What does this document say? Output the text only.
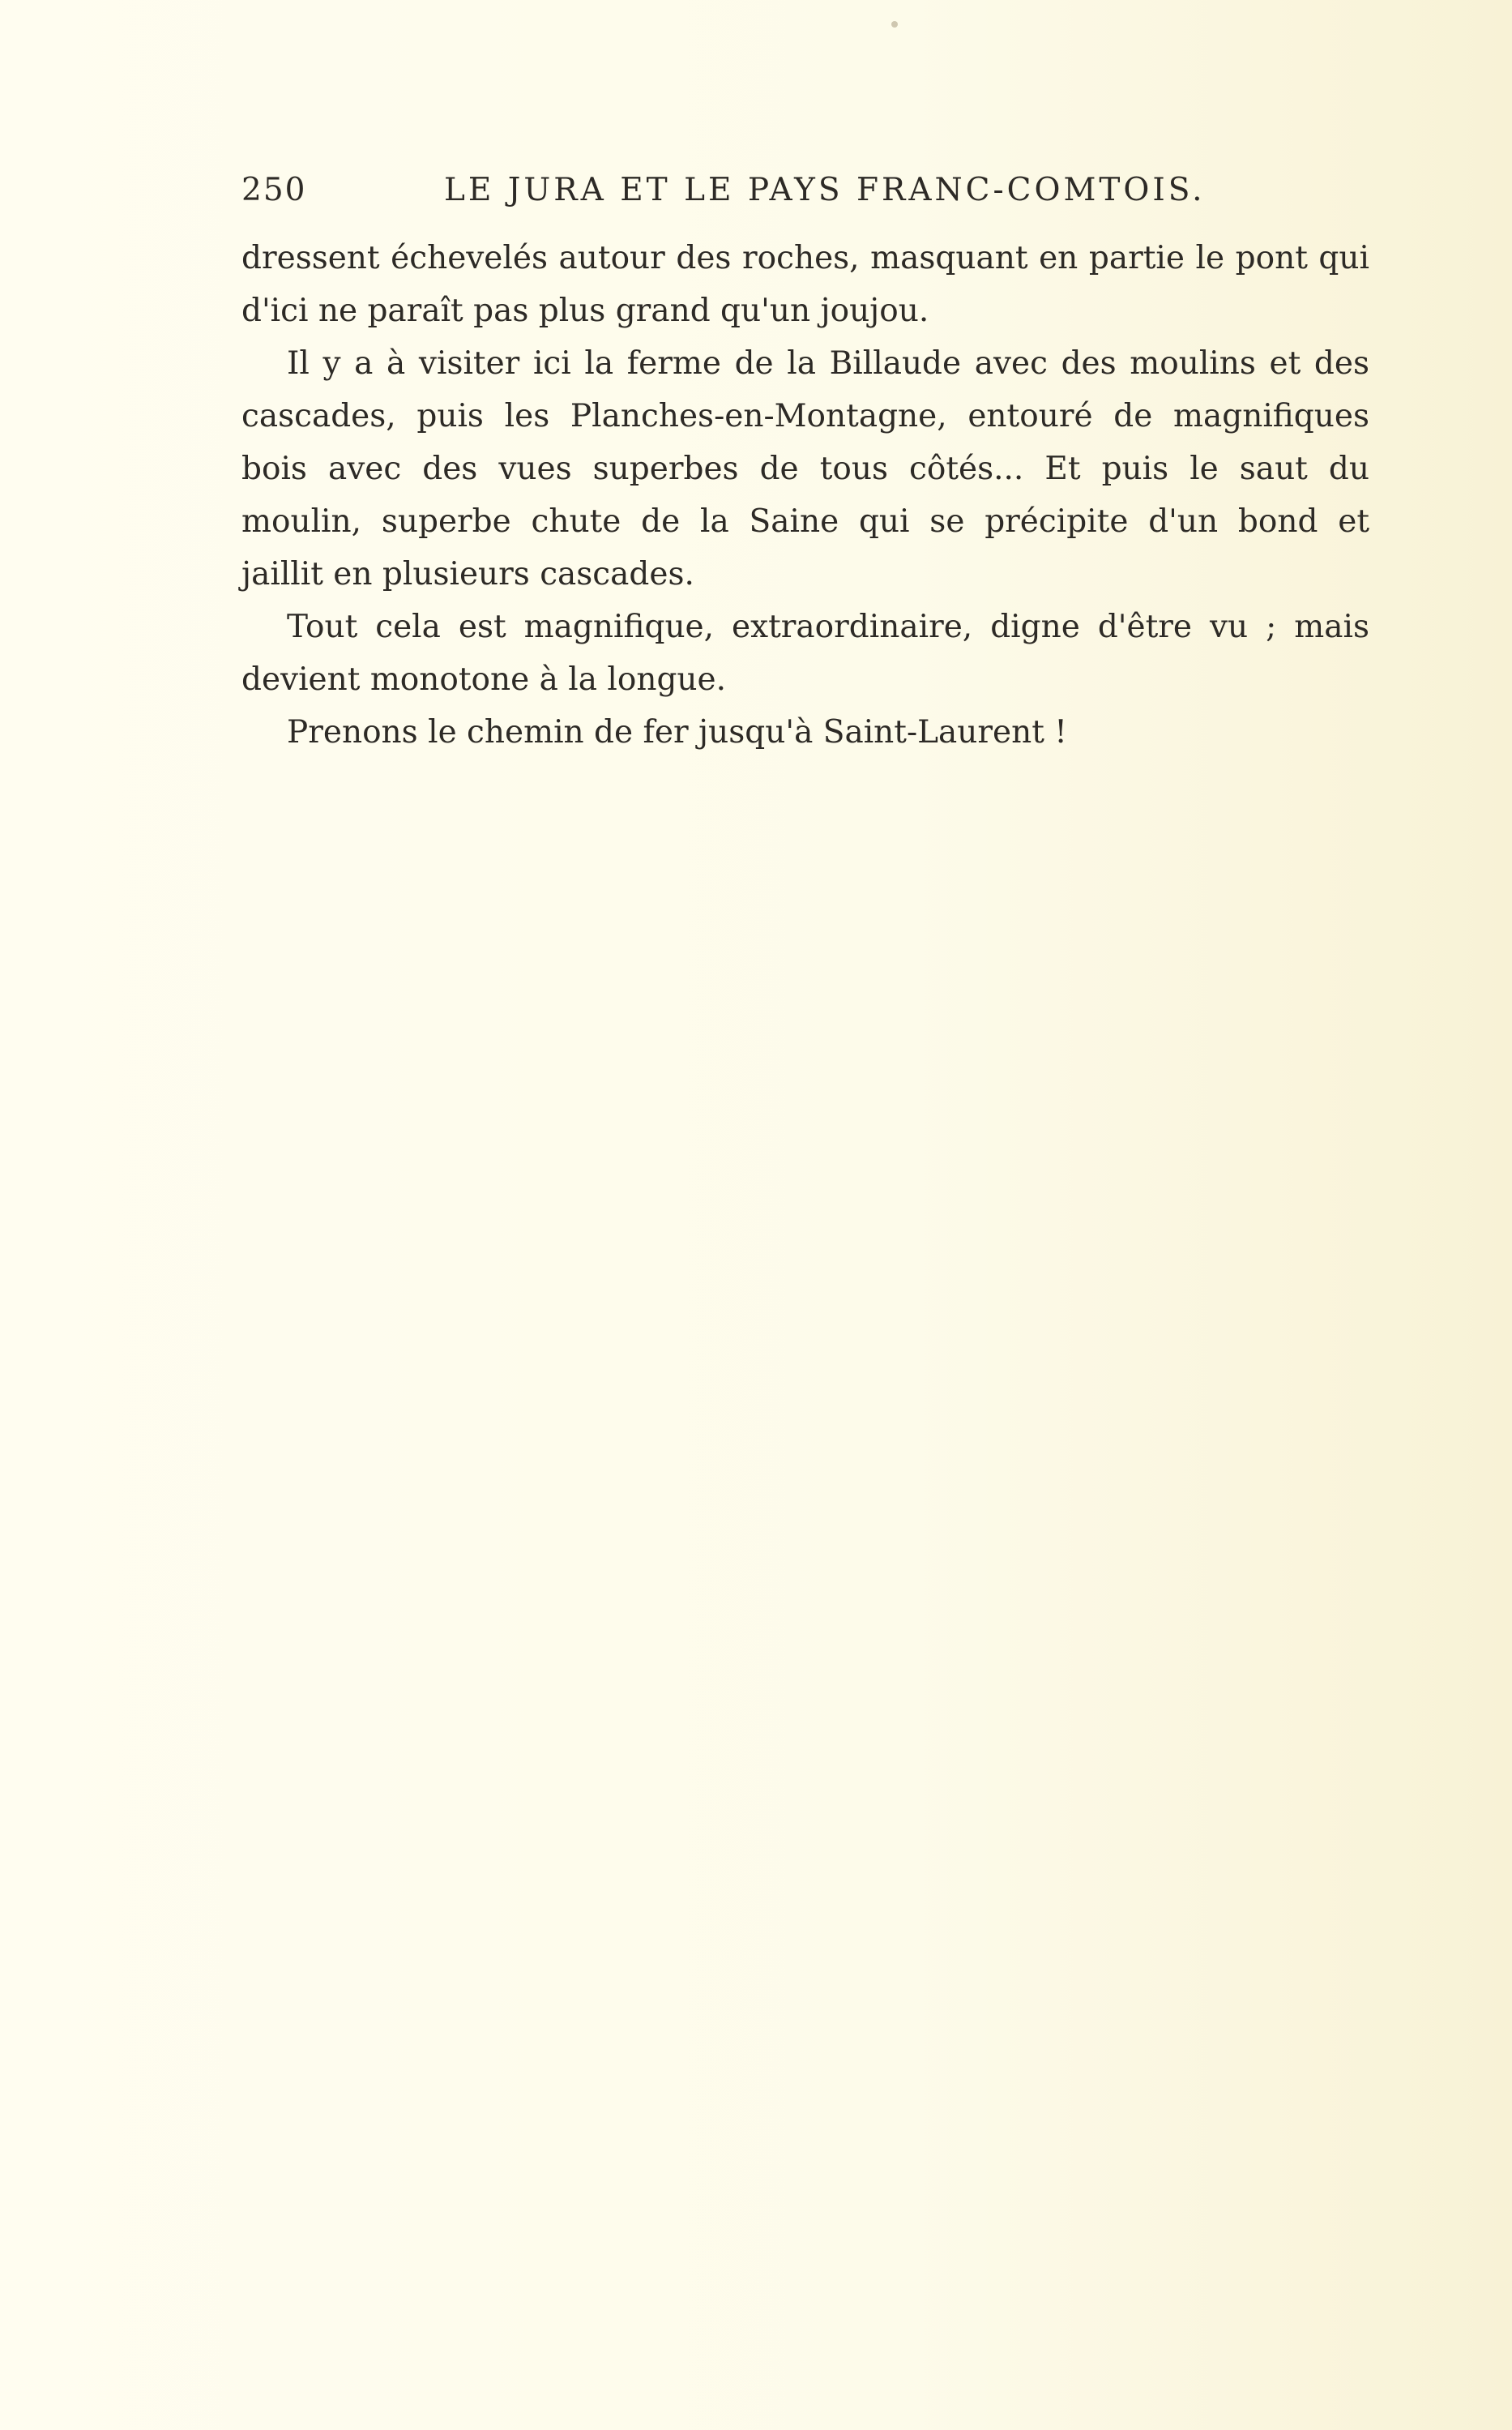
250	LE JURA ET LE PAYS FRANC-COMTOIS.
dressent échevelés autour des roches, masquant en partie le pont qui
d'ici ne paraît pas plus grand qu'un joujou.
Il y a à visiter ici la ferme de la Billaude avec des moulins et des
cascades, puis les Planches-en-Montagne, entouré de magnifiques
bois avec des vues superbes de tous côtés... Et puis le saut du
moulin, superbe chute de la Saine qui se précipite d'un bond et
jaillit en plusieurs cascades.
Tout cela est magnifique, extraordinaire, digne d'être vu ; mais
devient monotone à la longue.
Prenons le chemin de fer jusqu'à Saint-Laurent !
